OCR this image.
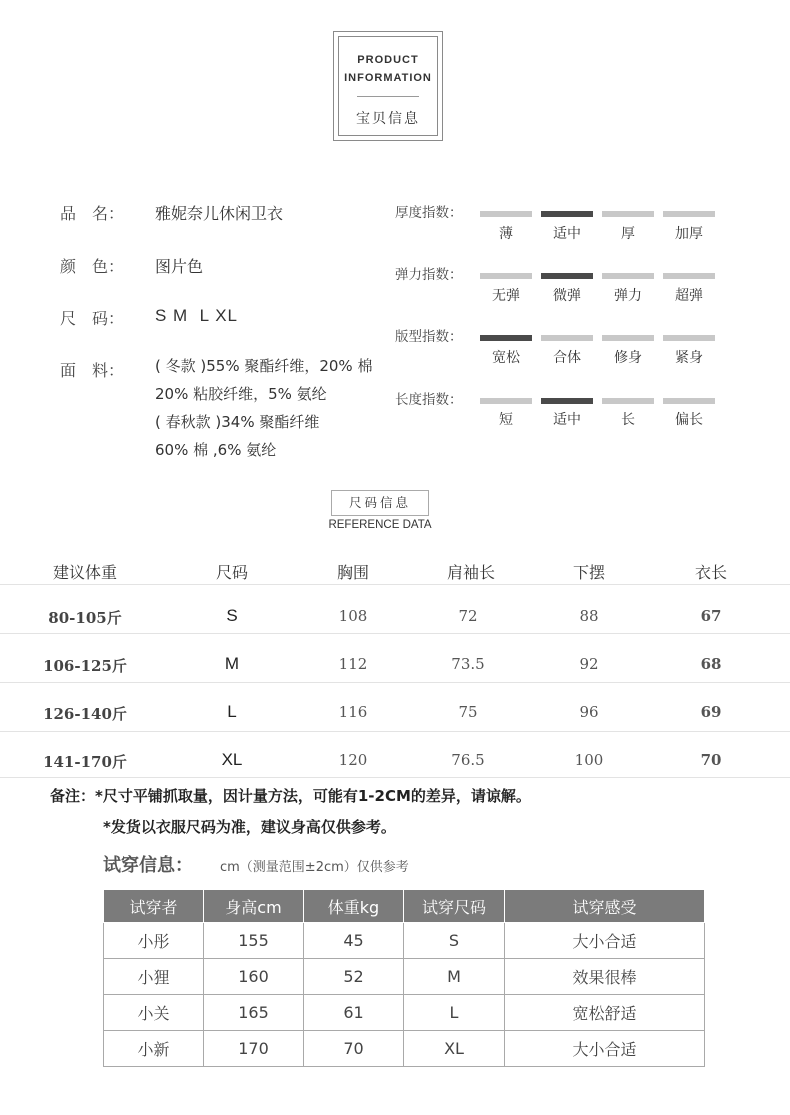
PRODUCT
INFORMATION
宝贝信息
品　名： 雅妮奈儿休闲卫衣
颜　色： 图片色
尺　码： S M  L XL
面　料： ( 冬款 )55% 聚酯纤维，20% 棉
20% 粘胶纤维，5% 氨纶
( 春秋款 )34% 聚酯纤维
60% 棉 ,6% 氨纶
厚度指数：
薄	适中	厚	加厚
弹力指数：
无弹	微弹	弹力	超弹
版型指数：
宽松	合体	修身	紧身
长度指数：
短	适中	长	偏长
尺码信息
REFERENCE DATA
建议体重	尺码	胸围	肩袖长	下摆	衣长
80-105斤	S	108	72	88	67
106-125斤	M	112	73.5	92	68
126-140斤	L	116	75	96	69
141-170斤	XL	120	76.5	100	70
备注：*尺寸平铺抓取量，因计量方法，可能有1-2CM的差异，请谅解。
*发货以衣服尺码为准，建议身高仅供参考。
试穿信息： cm（测量范围±2cm）仅供参考
试穿者	身高cm	体重kg	试穿尺码	试穿感受
小彤	155	45	S	大小合适
小狸	160	52	M	效果很棒
小关	165	61	L	宽松舒适
小新	170	70	XL	大小合适
